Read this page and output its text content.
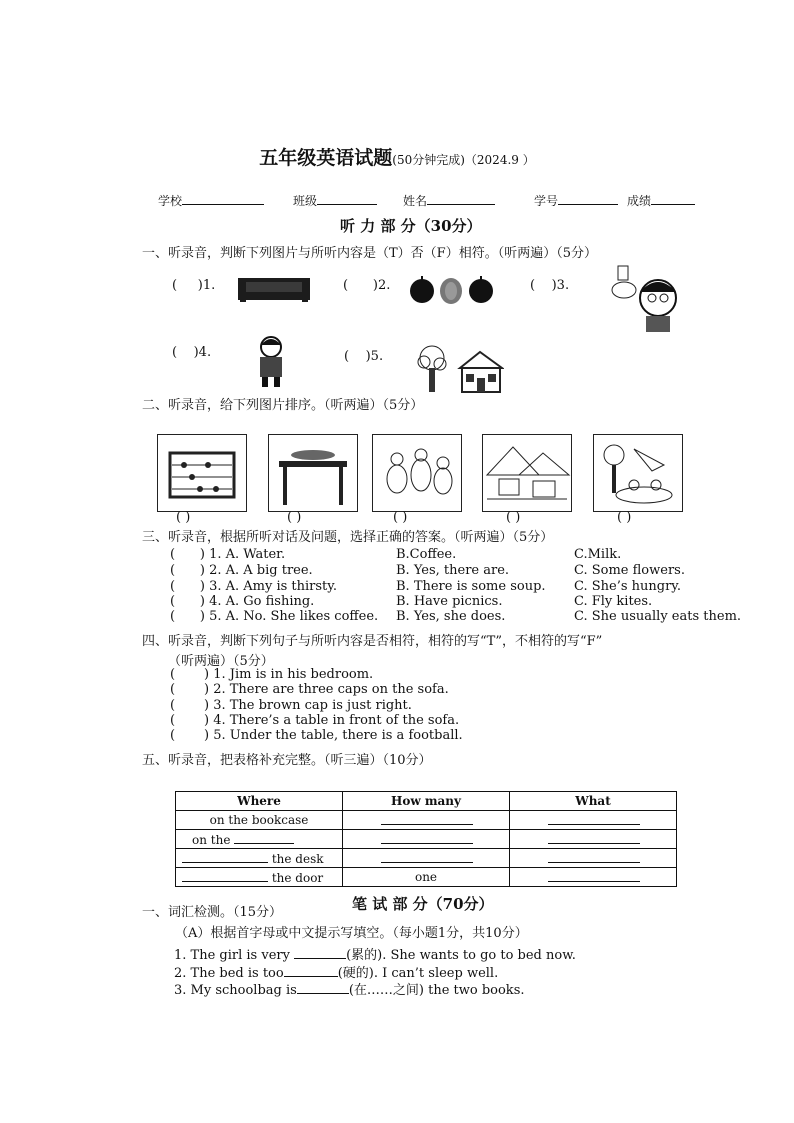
五年级英语试题(50分钟完成)（2024.9 ）
学校	班级	姓名	学号	成绩
听 力 部 分（30分）
一、听录音，判断下列图片与所听内容是（T）否（F）相符。（听两遍）（5分）
( )1.	( )2.	( )3.
( )4.	( )5.
二、听录音，给下列图片排序。（听两遍）（5分）
( )	( )	( )	( )	( )
三、听录音，根据所听对话及问题，选择正确的答案。（听两遍）（5分）
(      ) 1. A. Water.	B.Coffee.	C.Milk.
(      ) 2. A. A big tree.	B. Yes, there are.	C. Some flowers.
(      ) 3. A. Amy is thirsty.	B. There is some soup. C. She’s hungry.
(      ) 4. A. Go fishing.	B. Have picnics.	C. Fly kites.
(      ) 5. A. No. She likes coffee. B. Yes, she does.	C. She usually eats them.
四、听录音，判断下列句子与所听内容是否相符，相符的写“T”，不相符的写“F”
（听两遍）（5分）
(       ) 1. Jim is in his bedroom.
(       ) 2. There are three caps on the sofa.
(       ) 3. The brown cap is just right.
(       ) 4. There’s a table in front of the sofa.
(       ) 5. Under the table, there is a football.
五、听录音，把表格补充完整。（听三遍）（10分）
Where	How many	What
on the bookcase		
on the		
the desk		
the door	one	
笔 试 部 分（70分）
一、词汇检测。（15分）
（A）根据首字母或中文提示写填空。（每小题1分，共10分）
1. The girl is very	(累的). She wants to go to bed now.
2. The bed is too	(硬的). I can’t sleep well.
3. My schoolbag is	(在……之间) the two books.
